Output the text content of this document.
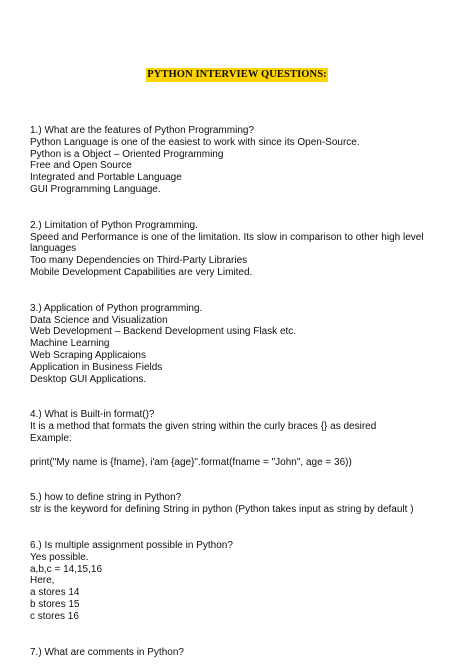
PYTHON INTERVIEW QUESTIONS:

1.) What are the features of Python Programming?

Python Language is one of the easiest to work with since its Open-Source.

Python is a Object – Oriented Programming

Free and Open Source

Integrated and Portable Language

GUI Programming Language.

2.) Limitation of Python Programming.

Speed and Performance is one of the limitation. Its slow in comparison to other high level languages

Too many Dependencies on Third-Party Libraries

Mobile Development Capabilities are very Limited.

3.) Application of Python programming.

Data Science and Visualization

Web Development – Backend Development using Flask etc.

Machine Learning

Web Scraping Applicaions

Application in Business Fields

Desktop GUI Applications.

4.) What is Built-in format()?

It is a method that formats the given string within the curly braces {} as desired

Example:

print("My name is {fname}, i'am {age}".format(fname = "John", age = 36))

5.) how to define string in Python?

str is the keyword for defining String in python (Python takes input as string by default )

6.) Is multiple assignment possible in Python?

Yes possible.

a,b,c = 14,15,16

Here,

a stores 14

b stores 15

c stores 16

7.) What are comments in Python?
